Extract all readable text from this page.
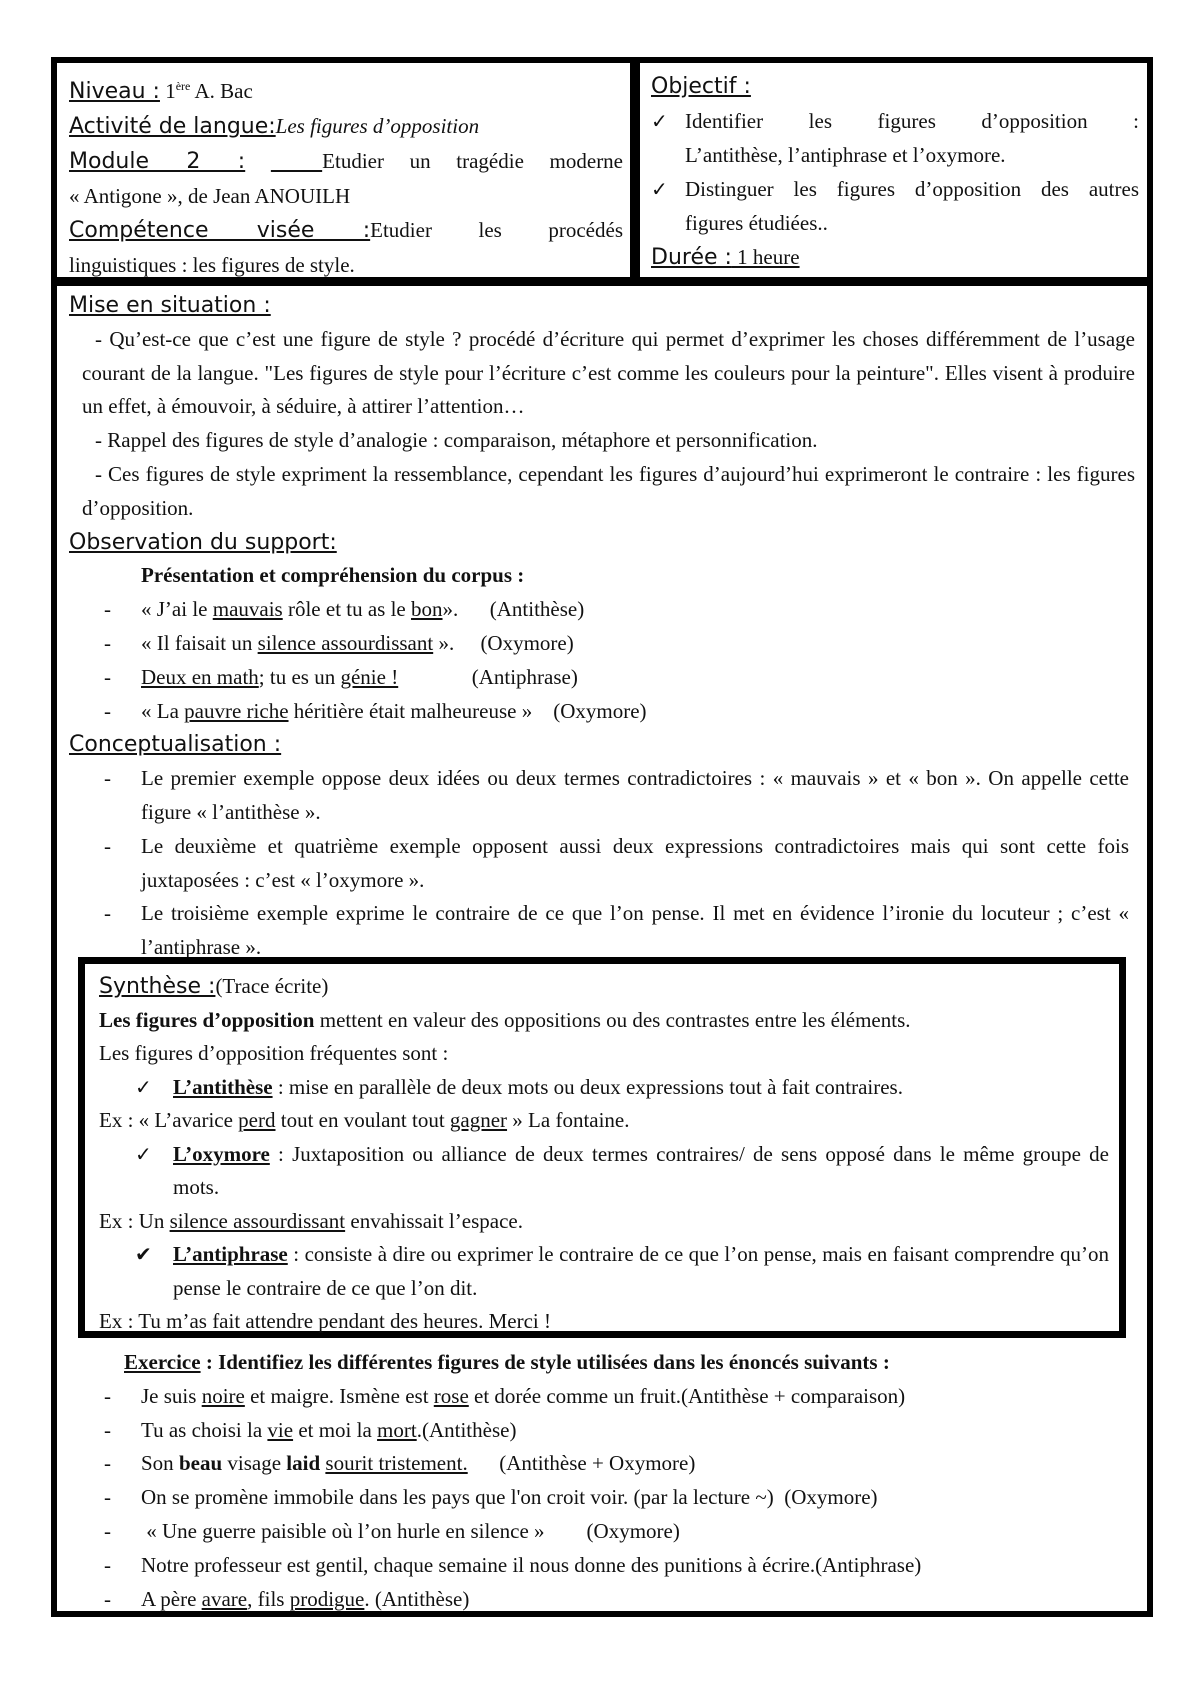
Niveau : 1ère A. Bac
Activité de langue:Les figures d’opposition
Module 2 :	Etudier un tragédie moderne
« Antigone », de Jean ANOUILH
Compétence visée :Etudier les procédés
linguistiques : les figures de style.
Objectif :
✓ Identifier les figures d’opposition :
L’antithèse, l’antiphrase et l’oxymore.
✓ Distinguer les figures d’opposition des autres
figures étudiées..
Durée : 1 heure
Mise en situation :
- Qu’est-ce que c’est une figure de style ? procédé d’écriture qui permet d’exprimer les choses différemment de l’usage courant de la langue. "Les figures de style pour l’écriture c’est comme les couleurs pour la peinture". Elles visent à produire un effet, à émouvoir, à séduire, à attirer l’attention…
- Rappel des figures de style d’analogie : comparaison, métaphore et personnification.
- Ces figures de style expriment la ressemblance, cependant les figures d’aujourd’hui exprimeront le contraire : les figures d’opposition.
Observation du support:
Présentation et compréhension du corpus :
-	« J’ai le mauvais rôle et tu as le bon».      (Antithèse)
-	« Il faisait un silence assourdissant ».     (Oxymore)
-	Deux en math; tu es un génie !              (Antiphrase)
-	« La pauvre riche héritière était malheureuse »    (Oxymore)
Conceptualisation :
-	Le premier exemple oppose deux idées ou deux termes contradictoires : « mauvais » et « bon ». On appelle cette figure « l’antithèse ».
-	Le deuxième et quatrième exemple opposent aussi deux expressions contradictoires mais qui sont cette fois juxtaposées : c’est « l’oxymore ».
-	Le troisième exemple exprime le contraire de ce que l’on pense. Il met en évidence l’ironie du locuteur ; c’est « l’antiphrase ».
Synthèse :(Trace écrite)
Les figures d’opposition mettent en valeur des oppositions ou des contrastes entre les éléments.
Les figures d’opposition fréquentes sont :
✓	L’antithèse : mise en parallèle de deux mots ou deux expressions tout à fait contraires.
Ex : « L’avarice perd tout en voulant tout gagner » La fontaine.
✓	L’oxymore : Juxtaposition ou alliance de deux termes contraires/ de sens opposé dans le même groupe de mots.
Ex : Un silence assourdissant envahissait l’espace.
✔	L’antiphrase : consiste à dire ou exprimer le contraire de ce que l’on pense, mais en faisant comprendre qu’on pense le contraire de ce que l’on dit.
Ex : Tu m’as fait attendre pendant des heures. Merci !
Exercice : Identifiez les différentes figures de style utilisées dans les énoncés suivants :
-	Je suis noire et maigre. Ismène est rose et dorée comme un fruit.(Antithèse + comparaison)
-	Tu as choisi la vie et moi la mort.(Antithèse)
-	Son beau visage laid sourit tristement.      (Antithèse + Oxymore)
-	On se promène immobile dans les pays que l'on croit voir. (par la lecture ~)  (Oxymore)
-	« Une guerre paisible où l’on hurle en silence »        (Oxymore)
-	Notre professeur est gentil, chaque semaine il nous donne des punitions à écrire.(Antiphrase)
-	A père avare, fils prodigue. (Antithèse)
